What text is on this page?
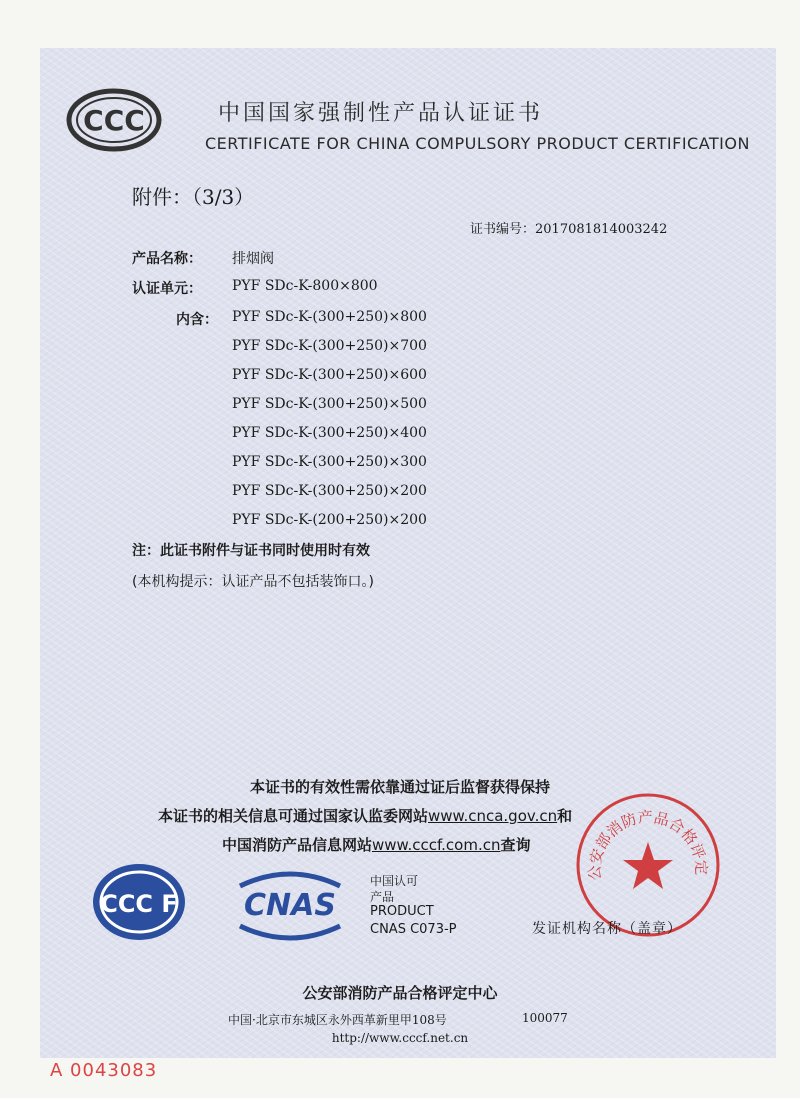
CCC	中国国家强制性产品认证证书
CERTIFICATE FOR CHINA COMPULSORY PRODUCT CERTIFICATION
附件：（3/3）
证书编号：2017081814003242
产品名称： 排烟阀
认证单元： PYF SDc-K-800×800
内含： PYF SDc-K-(300+250)×800
PYF SDc-K-(300+250)×700
PYF SDc-K-(300+250)×600
PYF SDc-K-(300+250)×500
PYF SDc-K-(300+250)×400
PYF SDc-K-(300+250)×300
PYF SDc-K-(300+250)×200
PYF SDc-K-(200+250)×200
注：此证书附件与证书同时使用时有效
(本机构提示：认证产品不包括装饰口。)
本证书的有效性需依靠通过证后监督获得保持
本证书的相关信息可通过国家认监委网站www.cnca.gov.cn和
中国消防产品信息网站www.cccf.com.cn查询
CCC F CNAS
中国认可
产品
PRODUCT
CNAS C073-P
公安部消防产品合格评定
发证机构名称（盖章）
公安部消防产品合格评定中心
中国·北京市东城区永外西革新里甲108号	100077
http://www.cccf.net.cn
A 0043083
